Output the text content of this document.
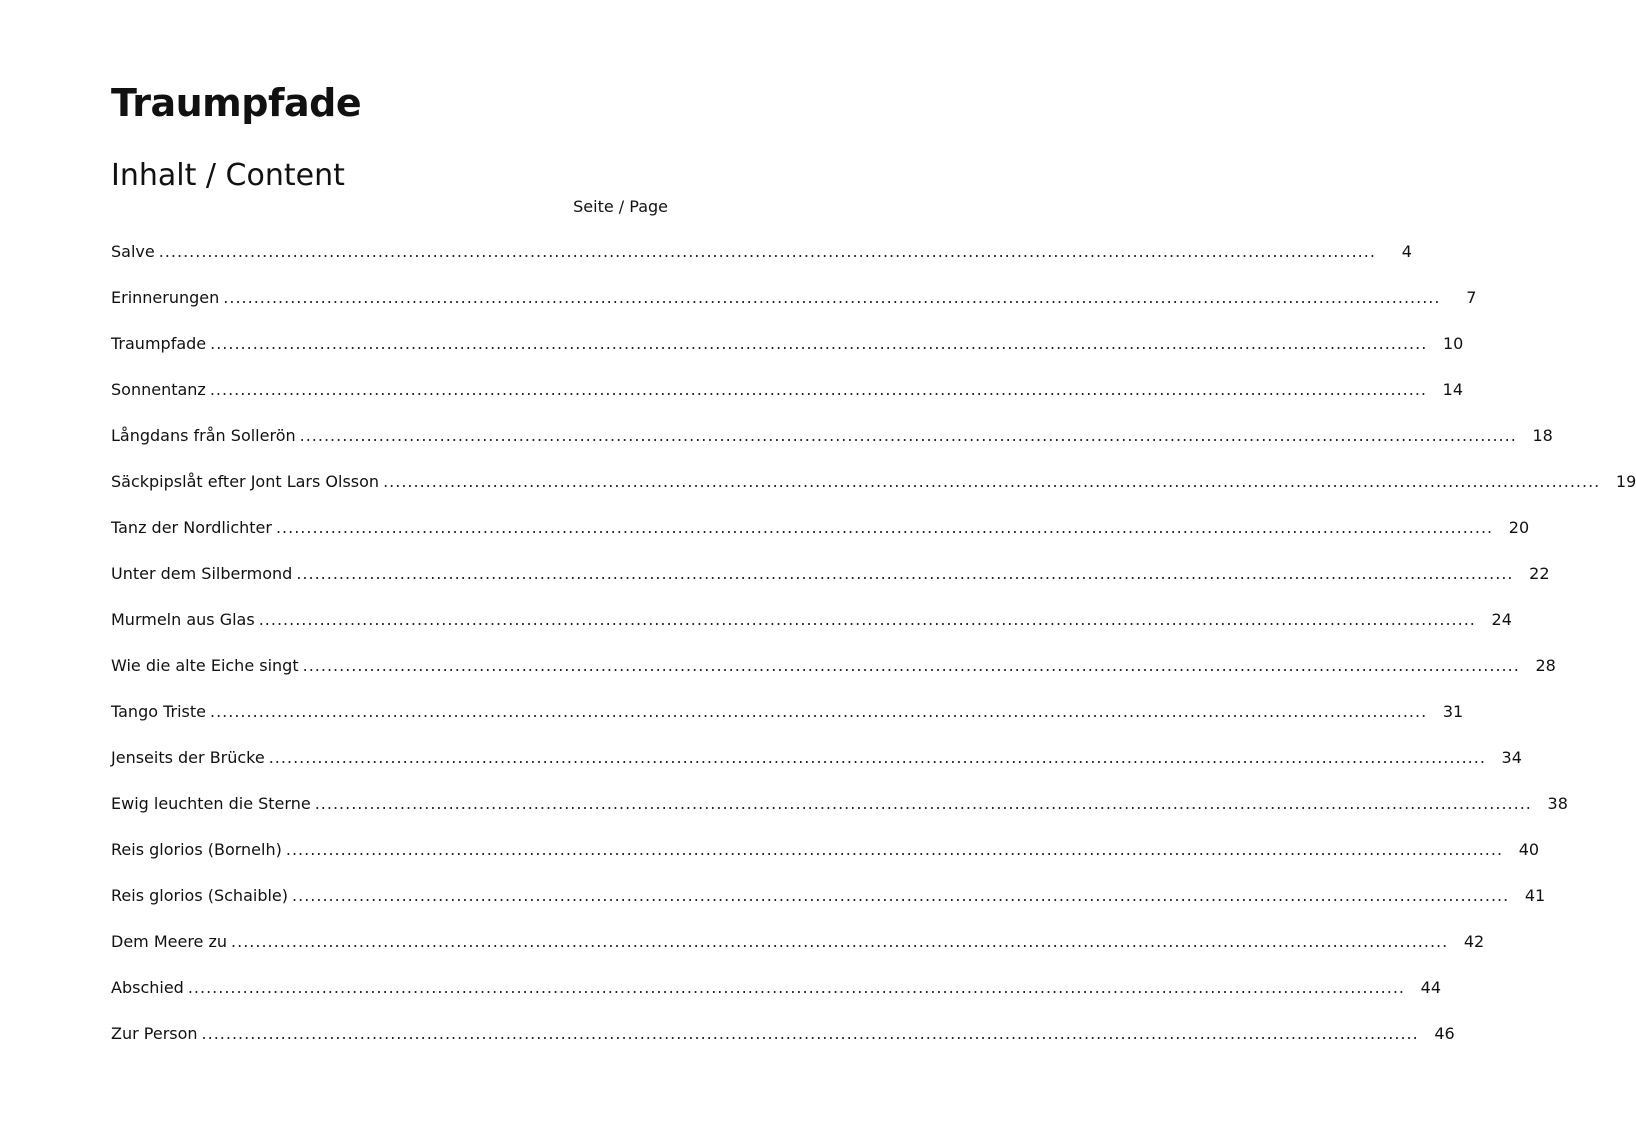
Traumpfade
Inhalt / Content
Seite / Page
Salve ........................................................................................................................................................................................................	4
Erinnerungen ........................................................................................................................................................................................................	7
Traumpfade ........................................................................................................................................................................................................ 10
Sonnentanz ........................................................................................................................................................................................................ 14
Långdans från Sollerön ........................................................................................................................................................................................................ 18
Säckpipslåt efter Jont Lars Olsson ........................................................................................................................................................................................................ 19
Tanz der Nordlichter ........................................................................................................................................................................................................ 20
Unter dem Silbermond ........................................................................................................................................................................................................ 22
Murmeln aus Glas ........................................................................................................................................................................................................ 24
Wie die alte Eiche singt ........................................................................................................................................................................................................ 28
Tango Triste ........................................................................................................................................................................................................ 31
Jenseits der Brücke ........................................................................................................................................................................................................ 34
Ewig leuchten die Sterne ........................................................................................................................................................................................................ 38
Reis glorios (Bornelh) ........................................................................................................................................................................................................ 40
Reis glorios (Schaible) ........................................................................................................................................................................................................ 41
Dem Meere zu ........................................................................................................................................................................................................ 42
Abschied ........................................................................................................................................................................................................ 44
Zur Person ........................................................................................................................................................................................................ 46
